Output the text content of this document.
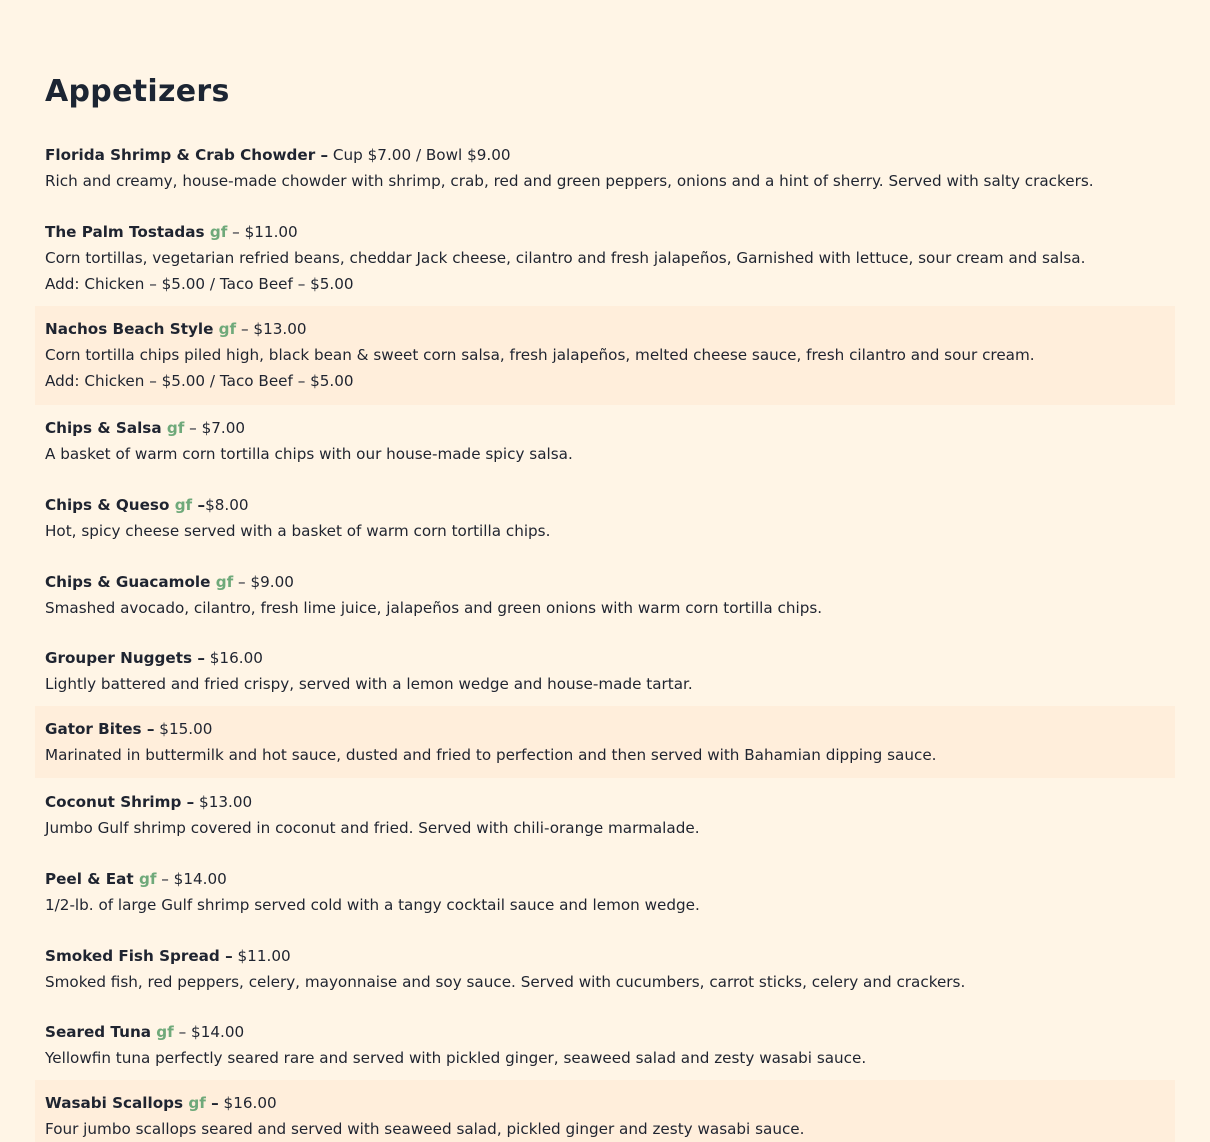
Appetizers
Florida Shrimp & Crab Chowder – Cup $7.00 / Bowl $9.00
Rich and creamy, house-made chowder with shrimp, crab, red and green peppers, onions and a hint of sherry. Served with salty crackers.
The Palm Tostadas gf – $11.00
Corn tortillas, vegetarian refried beans, cheddar Jack cheese, cilantro and fresh jalapeños, Garnished with lettuce, sour cream and salsa.
Add: Chicken – $5.00 / Taco Beef – $5.00
Nachos Beach Style gf – $13.00
Corn tortilla chips piled high, black bean & sweet corn salsa, fresh jalapeños, melted cheese sauce, fresh cilantro and sour cream.
Add: Chicken – $5.00 / Taco Beef – $5.00
Chips & Salsa gf – $7.00
A basket of warm corn tortilla chips with our house-made spicy salsa.
Chips & Queso gf –$8.00
Hot, spicy cheese served with a basket of warm corn tortilla chips.
Chips & Guacamole gf – $9.00
Smashed avocado, cilantro, fresh lime juice, jalapeños and green onions with warm corn tortilla chips.
Grouper Nuggets – $16.00
Lightly battered and fried crispy, served with a lemon wedge and house-made tartar.
Gator Bites – $15.00
Marinated in buttermilk and hot sauce, dusted and fried to perfection and then served with Bahamian dipping sauce.
Coconut Shrimp – $13.00
Jumbo Gulf shrimp covered in coconut and fried. Served with chili-orange marmalade.
Peel & Eat gf – $14.00
1/2-lb. of large Gulf shrimp served cold with a tangy cocktail sauce and lemon wedge.
Smoked Fish Spread – $11.00
Smoked fish, red peppers, celery, mayonnaise and soy sauce. Served with cucumbers, carrot sticks, celery and crackers.
Seared Tuna gf – $14.00
Yellowfin tuna perfectly seared rare and served with pickled ginger, seaweed salad and zesty wasabi sauce.
Wasabi Scallops gf – $16.00
Four jumbo scallops seared and served with seaweed salad, pickled ginger and zesty wasabi sauce.
